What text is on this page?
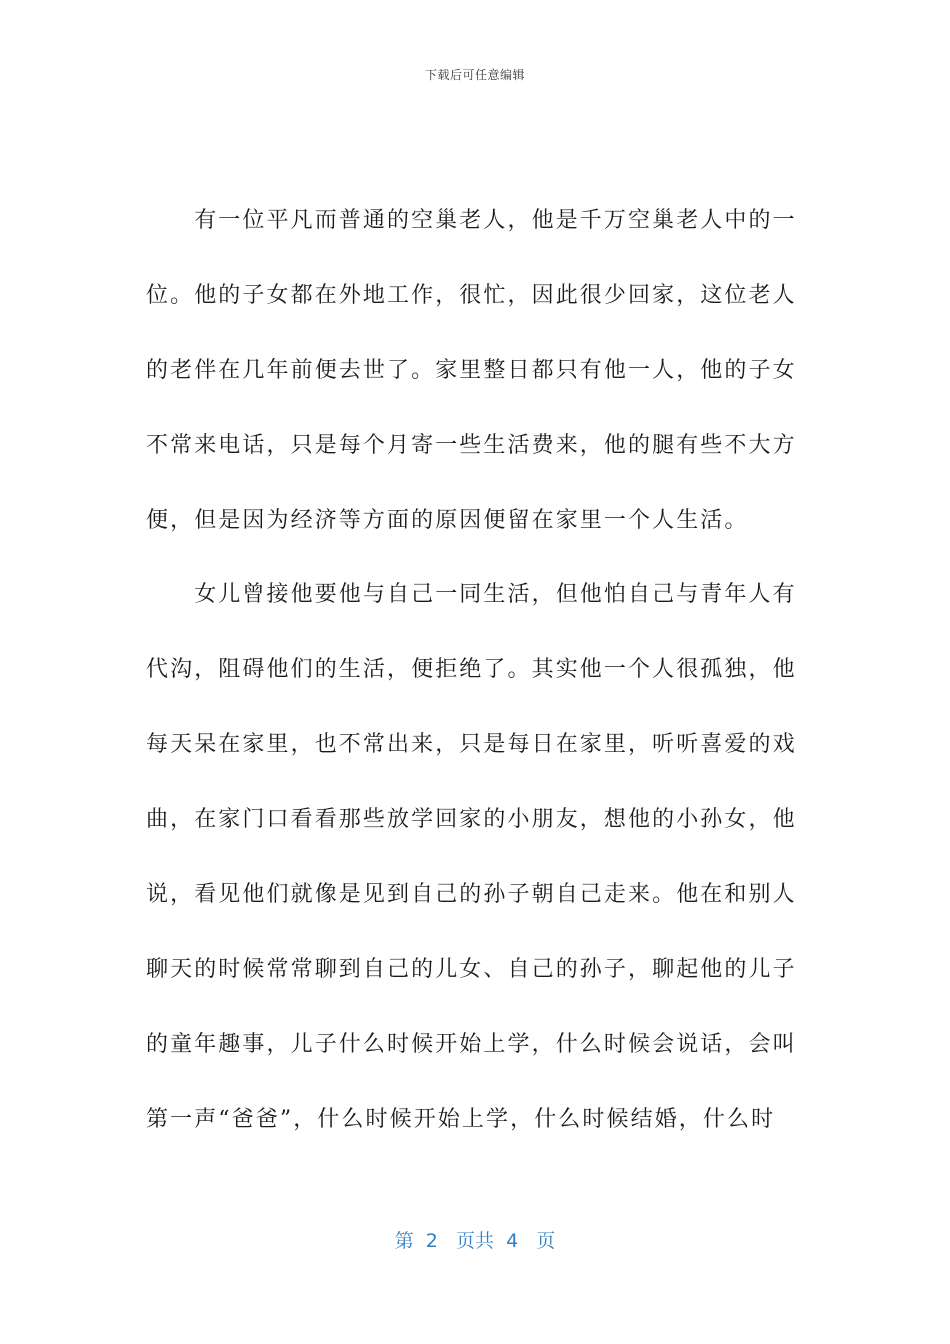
下载后可任意编辑
　　有一位平凡而普通的空巢老人，他是千万空巢老人中的一
位。他的子女都在外地工作，很忙，因此很少回家，这位老人
的老伴在几年前便去世了。家里整日都只有他一人，他的子女
不常来电话，只是每个月寄一些生活费来，他的腿有些不大方
便，但是因为经济等方面的原因便留在家里一个人生活。
　　女儿曾接他要他与自己一同生活，但他怕自己与青年人有
代沟，阻碍他们的生活，便拒绝了。其实他一个人很孤独，他
每天呆在家里，也不常出来，只是每日在家里，听听喜爱的戏
曲，在家门口看看那些放学回家的小朋友，想他的小孙女，他
说，看见他们就像是见到自己的孙子朝自己走来。他在和别人
聊天的时候常常聊到自己的儿女、自己的孙子，聊起他的儿子
的童年趣事，儿子什么时候开始上学，什么时候会说话，会叫
第一声“爸爸”，什么时候开始上学，什么时候结婚，什么时
第  2   页共  4   页
